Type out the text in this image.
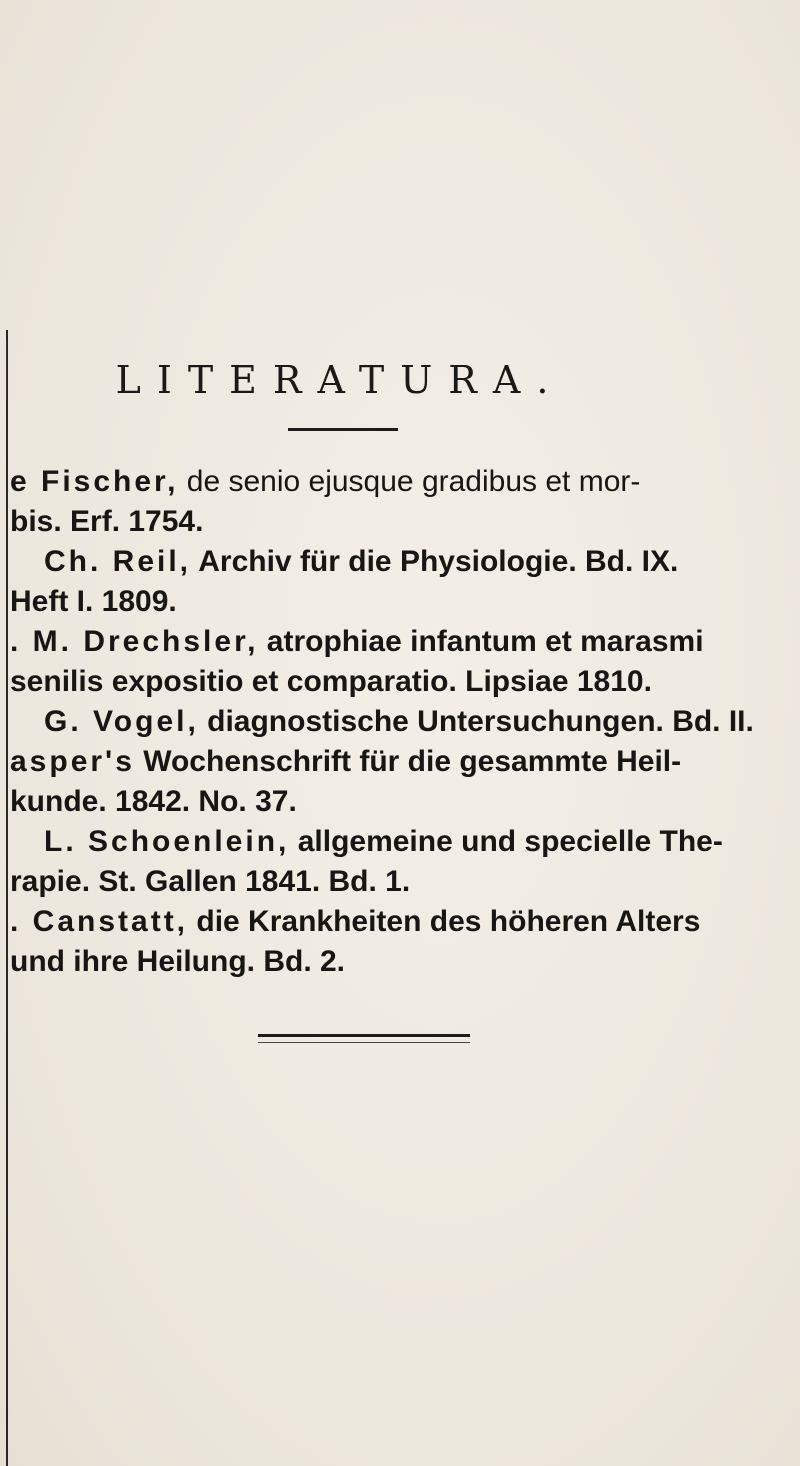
LITERATURA.
e Fischer, de senio ejusque gradibus et mor-
bis. Erf. 1754.
Ch. Reil, Archiv für die Physiologie. Bd. IX.
Heft I. 1809.
. M. Drechsler, atrophiae infantum et marasmi
senilis expositio et comparatio. Lipsiae 1810.
G. Vogel, diagnostische Untersuchungen. Bd. II.
asper's Wochenschrift für die gesammte Heil-
kunde. 1842. No. 37.
L. Schoenlein, allgemeine und specielle The-
rapie. St. Gallen 1841. Bd. 1.
. Canstatt, die Krankheiten des höheren Alters
und ihre Heilung. Bd. 2.
